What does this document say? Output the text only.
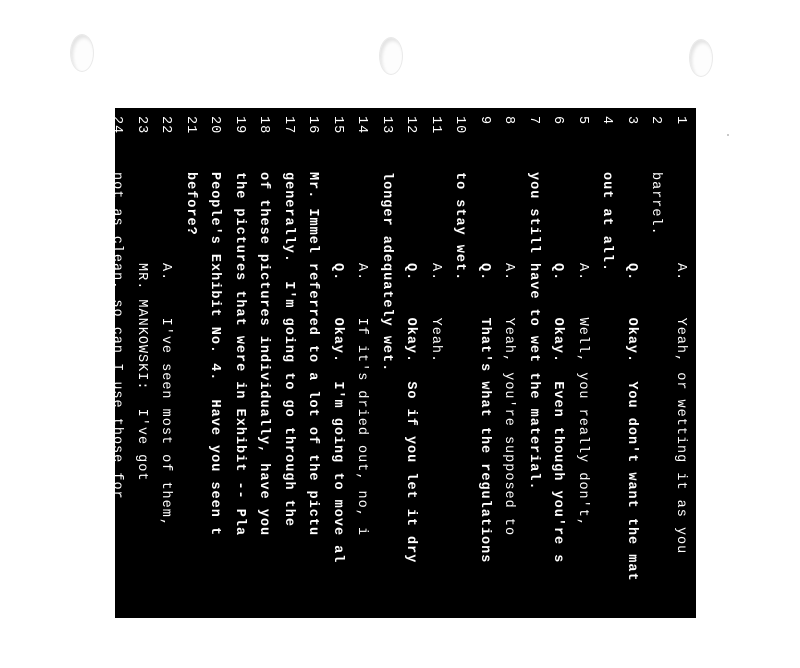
1
A.    Yeah, or wetting it as you
2
barrel.
3
Q.    Okay.  You don't want the mat
4
out at all.
5
A.    Well, you really don't,
6
Q.    Okay.  Even though you're s
7
you still have to wet the material.
8
A.    Yeah, you're supposed to
9
Q.    That's what the regulations
10
to stay wet.
11
A.    Yeah.
12
Q.    Okay.  So if you let it dry
13
longer adequately wet.
14
A.    If it's dried out, no, i
15
Q.    Okay.  I'm going to move al
16
Mr. Immel referred to a lot of the pictu
17
generally.  I'm going to go through the
18
of these pictures individually, have you
19
the pictures that were in Exhibit -- Pla
20
People's Exhibit No. 4.  Have you seen t
21
before?
22
A.    I've seen most of them,
23
MR. MANKOWSKI:  I've got
24
not as clean, so can I use those for
